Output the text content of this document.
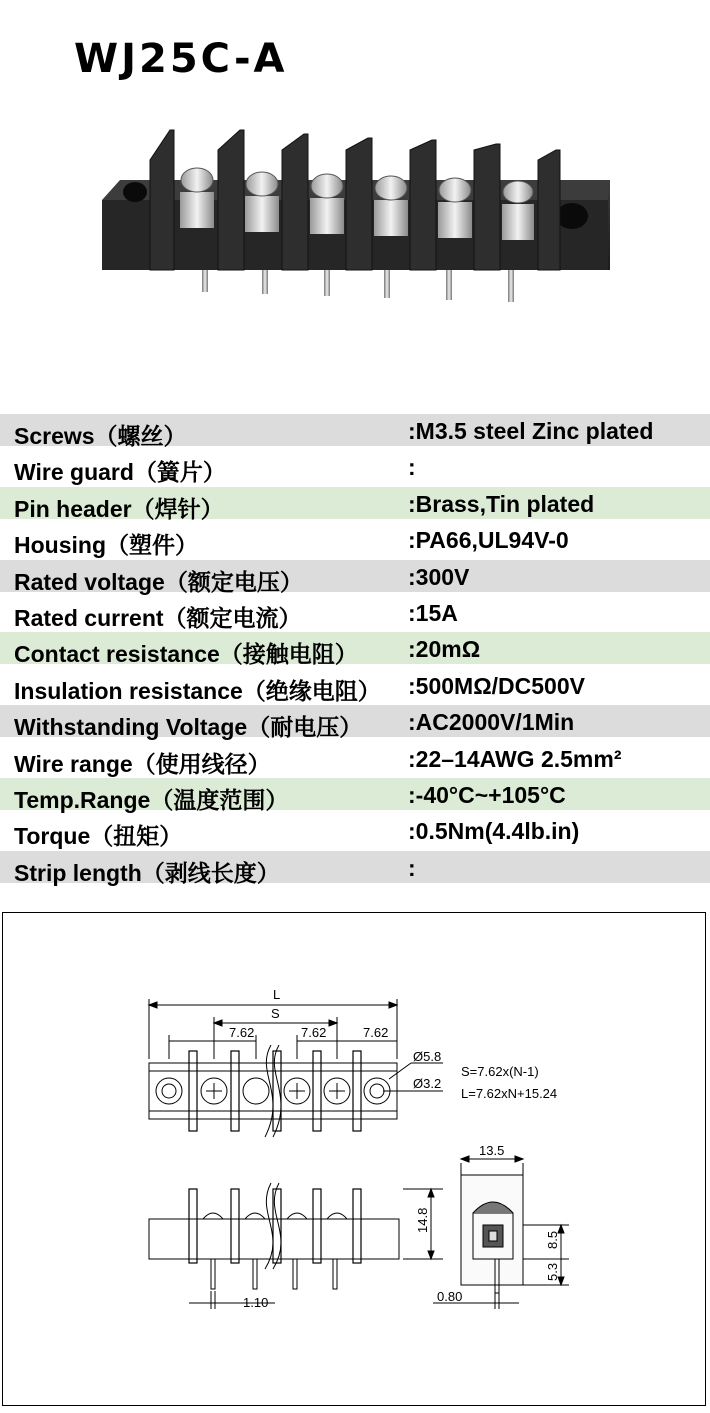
WJ25C-A
Screws（螺丝）	:M3.5 steel Zinc plated
Wire guard（簧片）	:
Pin header（焊针）	:Brass,Tin plated
Housing（塑件）	:PA66,UL94V-0
Rated voltage（额定电压）	:300V
Rated current（额定电流）	:15A
Contact resistance（接触电阻） :20mΩ
Insulation resistance（绝缘电阻） :500MΩ/DC500V
Withstanding Voltage（耐电压） :AC2000V/1Min
Wire range（使用线径）	:22–14AWG 2.5mm²
Temp.Range（温度范围）	:-40°C~+105°C
Torque（扭矩）	:0.5Nm(4.4lb.in)
Strip length（剥线长度）	:
L
S
7.62	7.62	7.62
Ø5.8
Ø3.2
S=7.62x(N-1)
L=7.62xN+15.24
13.5
1.10	0.80
14.8
8.5
5.3
